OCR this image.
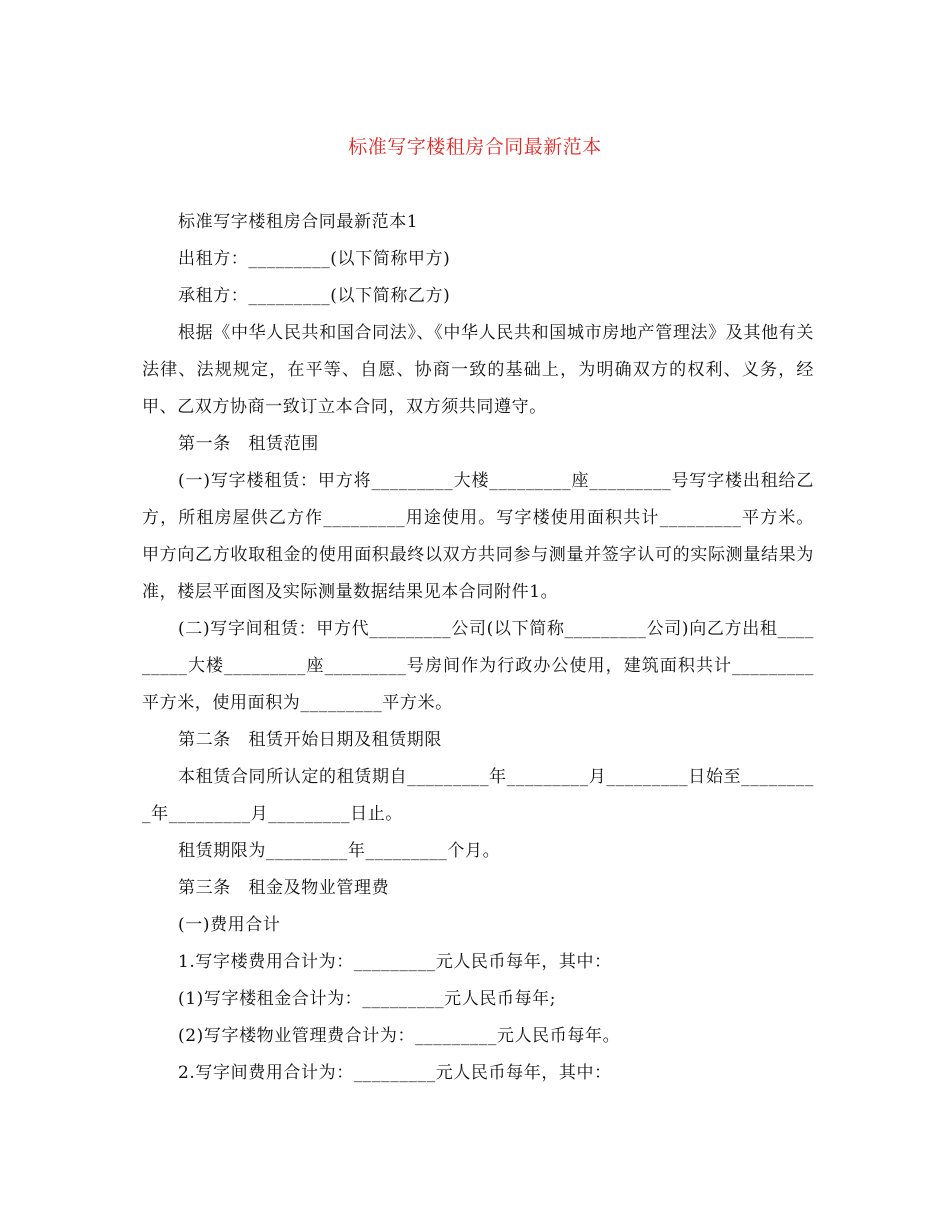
标准写字楼租房合同最新范本

标准写字楼租房合同最新范本1

出租方：_________(以下简称甲方)

承租方：_________(以下简称乙方)

根据《中华人民共和国合同法》、《中华人民共和国城市房地产管理法》及其他有关法律、法规规定，在平等、自愿、协商一致的基础上，为明确双方的权利、义务，经甲、乙双方协商一致订立本合同，双方须共同遵守。

第一条　租赁范围

(一)写字楼租赁：甲方将_________大楼_________座_________号写字楼出租给乙方，所租房屋供乙方作_________用途使用。写字楼使用面积共计_________平方米。甲方向乙方收取租金的使用面积最终以双方共同参与测量并签字认可的实际测量结果为准，楼层平面图及实际测量数据结果见本合同附件1。

(二)写字间租赁：甲方代_________公司(以下简称_________公司)向乙方出租_________大楼_________座_________号房间作为行政办公使用，建筑面积共计_________平方米，使用面积为_________平方米。

第二条　租赁开始日期及租赁期限

本租赁合同所认定的租赁期自_________年_________月_________日始至_________年_________月_________日止。

租赁期限为_________年_________个月。

第三条　租金及物业管理费

(一)费用合计

1.写字楼费用合计为：_________元人民币每年，其中：

(1)写字楼租金合计为：_________元人民币每年;

(2)写字楼物业管理费合计为：_________元人民币每年。

2.写字间费用合计为：_________元人民币每年，其中：
